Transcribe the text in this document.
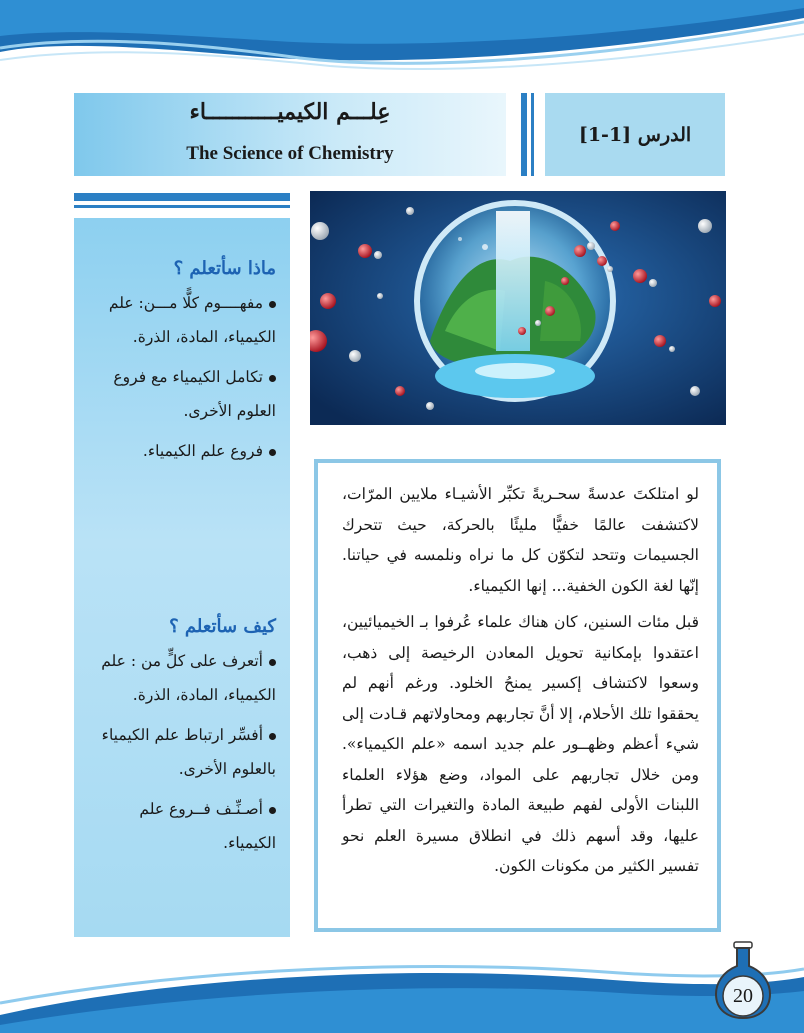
الدرس [1-1]
عِلـــم الكيميـــــــــــاء
The Science of Chemistry
ماذا سأتعلم ؟
مفهــــوم كلًّا مـــن: علم الكيمياء، المادة، الذرة.
تكامل الكيمياء مع فروع العلوم الأخرى.
فروع علم الكيمياء.
كيف سأتعلم ؟
أتعرف على كلٍّ من : علم الكيمياء، المادة، الذرة.
أفسِّر ارتباط علم الكيمياء بالعلوم الأخرى.
أصـنِّـف فــروع علم الكيمياء.

لو امتلكتَ عدسةً سحـريةً تكبِّر الأشيـاء ملايين المرّات، لاكتشفت عالمًا خفيًّا مليئًا بالحركة، حيث تتحرك الجسيمات وتتحد لتكوّن كل ما نراه ونلمسه في حياتنا. إنّها لغة الكون الخفية... إنها الكيمياء.

قبل مئات السنين، كان هناك علماء عُرفوا بـ الخيميائيين، اعتقدوا بإمكانية تحويل المعادن الرخيصة إلى ذهب، وسعوا لاكتشاف إكسير يمنحُ الخلود. ورغم أنهم لم يحققوا تلك الأحلام، إلا أنَّ تجاربهم ومحاولاتهم قـادت إلى شيء أعظم وظهــور علم جديد اسمه «علم الكيمياء». ومن خلال تجاربهم على المواد، وضع هؤلاء العلماء اللبنات الأولى لفهم طبيعة المادة والتغيرات التي تطرأ عليها، وقد أسهم ذلك في انطلاق مسيرة العلم نحو تفسير الكثير من مكونات الكون.

20
